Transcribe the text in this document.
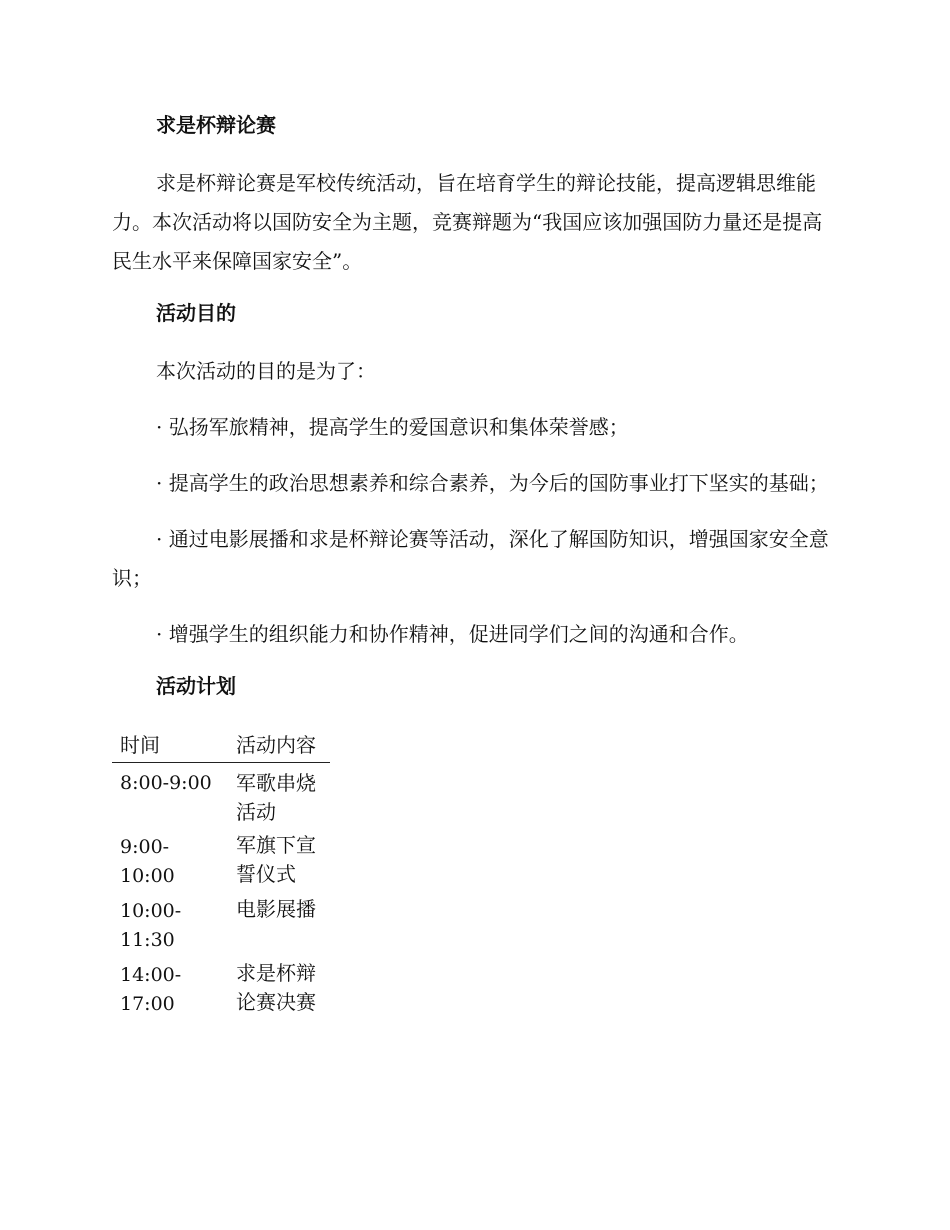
求是杯辩论赛

求是杯辩论赛是军校传统活动，旨在培育学生的辩论技能，提高逻辑思维能力。本次活动将以国防安全为主题，竞赛辩题为“我国应该加强国防力量还是提高民生水平来保障国家安全”。

活动目的

本次活动的目的是为了：

· 弘扬军旅精神，提高学生的爱国意识和集体荣誉感；

· 提高学生的政治思想素养和综合素养，为今后的国防事业打下坚实的基础；

· 通过电影展播和求是杯辩论赛等活动，深化了解国防知识，增强国家安全意识；

· 增强学生的组织能力和协作精神，促进同学们之间的沟通和合作。

活动计划
时间	活动内容
8:00-9:00	军歌串烧活动
9:00-10:00	军旗下宣誓仪式
10:00-11:30	电影展播
14:00-17:00	求是杯辩论赛决赛
